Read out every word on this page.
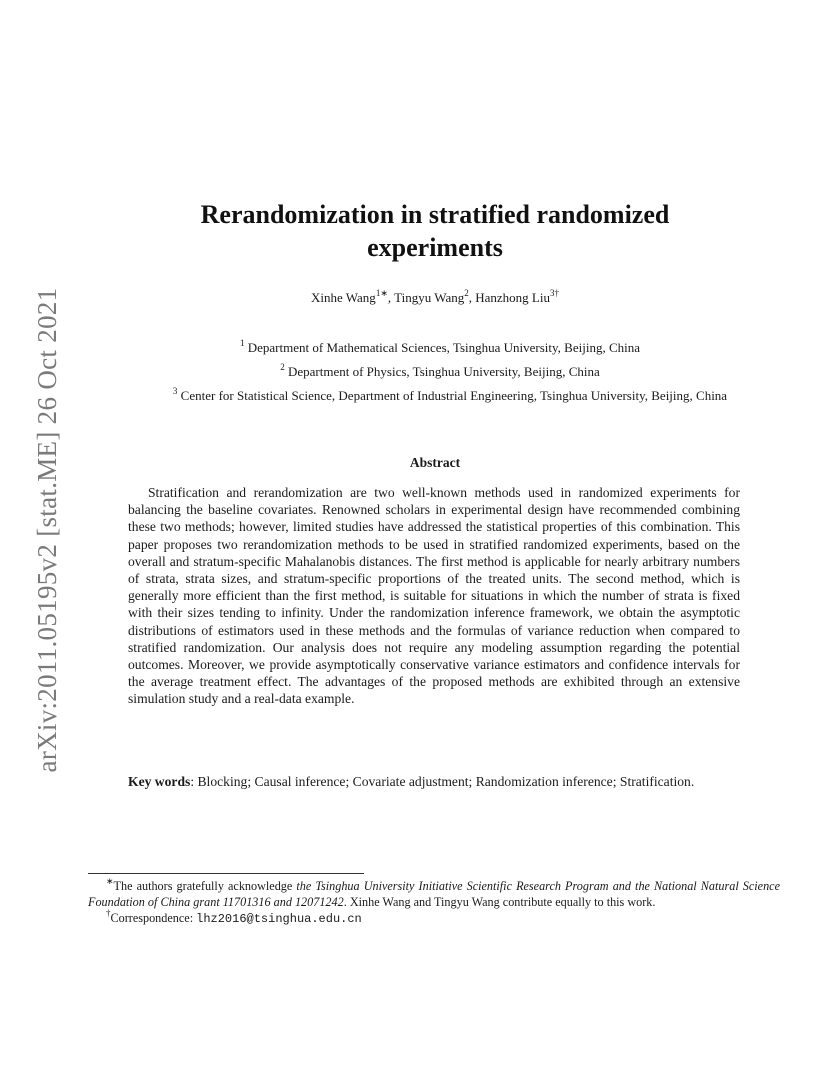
arXiv:2011.05195v2 [stat.ME] 26 Oct 2021
Rerandomization in stratified randomized
experiments
Xinhe Wang$^{1∗}$, Tingyu Wang$^2$, Hanzhong Liu$^{3\dagger}$
$^1$ Department of Mathematical Sciences, Tsinghua University, Beijing, China
$^2$ Department of Physics, Tsinghua University, Beijing, China
$^3$ Center for Statistical Science, Department of Industrial Engineering, Tsinghua University, Beijing, China
Abstract
Stratification and rerandomization are two well-known methods used in randomized experiments for balancing the baseline covariates. Renowned scholars in experimental design have recommended combining these two methods; however, limited studies have addressed the statistical properties of this combination. This paper proposes two rerandomization methods to be used in stratified randomized experiments, based on the overall and stratum-specific Mahalanobis distances. The first method is applicable for nearly arbitrary numbers of strata, strata sizes, and stratum-specific proportions of the treated units. The second method, which is generally more efficient than the first method, is suitable for situations in which the number of strata is fixed with their sizes tending to infinity. Under the randomization inference framework, we obtain the asymptotic distributions of estimators used in these methods and the formulas of variance reduction when compared to stratified randomization. Our analysis does not require any modeling assumption regarding the potential outcomes. Moreover, we provide asymptotically conservative variance estimators and confidence intervals for the average treatment effect. The advantages of the proposed methods are exhibited through an extensive simulation study and a real-data example.
Key words: Blocking; Causal inference; Covariate adjustment; Randomization inference; Stratification.
∗The authors gratefully acknowledge the Tsinghua University Initiative Scientific Research Program and the National Natural Science Foundation of China grant 11701316 and 12071242. Xinhe Wang and Tingyu Wang contribute equally to this work.
†Correspondence: lhz2016@tsinghua.edu.cn
